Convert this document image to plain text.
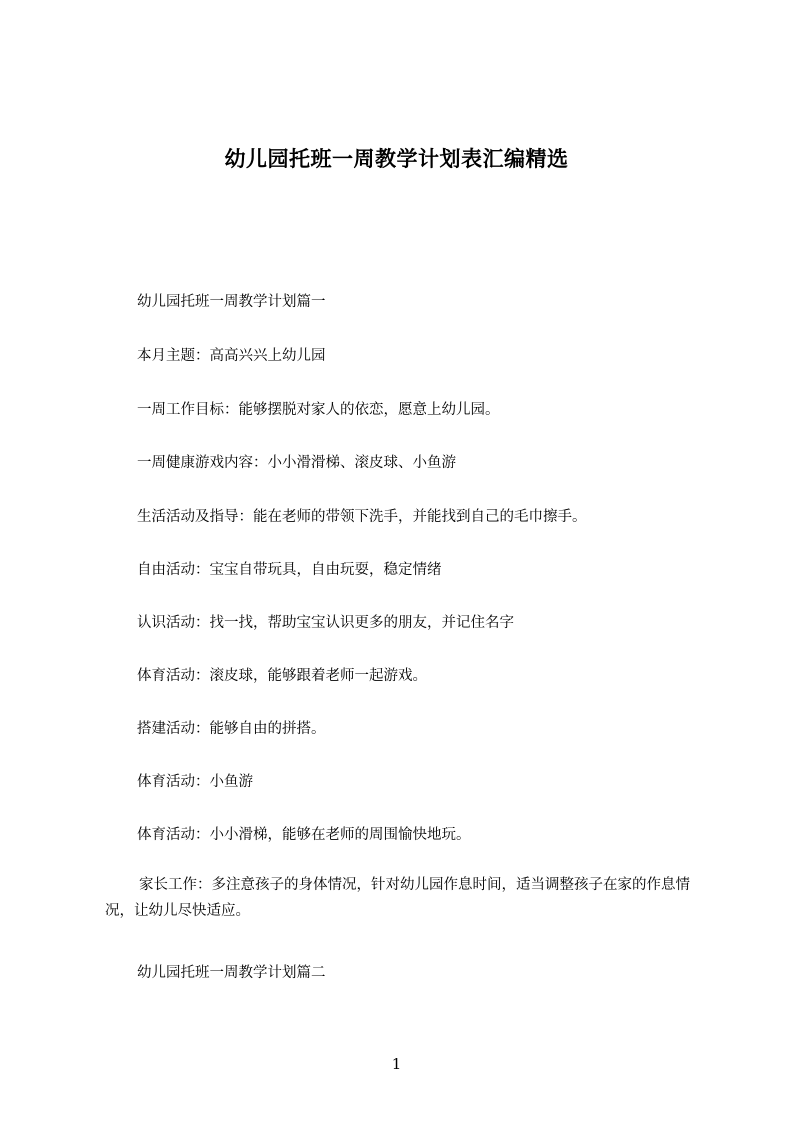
幼儿园托班一周教学计划表汇编精选
幼儿园托班一周教学计划篇一
本月主题：高高兴兴上幼儿园
一周工作目标：能够摆脱对家人的依恋，愿意上幼儿园。
一周健康游戏内容：小小滑滑梯、滚皮球、小鱼游
生活活动及指导：能在老师的带领下洗手，并能找到自己的毛巾擦手。
自由活动：宝宝自带玩具，自由玩耍，稳定情绪
认识活动：找一找，帮助宝宝认识更多的朋友，并记住名字
体育活动：滚皮球，能够跟着老师一起游戏。
搭建活动：能够自由的拼搭。
体育活动：小鱼游
体育活动：小小滑梯，能够在老师的周围愉快地玩。
家长工作：多注意孩子的身体情况，针对幼儿园作息时间，适当调整孩子在家的作息情况，让幼儿尽快适应。
幼儿园托班一周教学计划篇二
1
